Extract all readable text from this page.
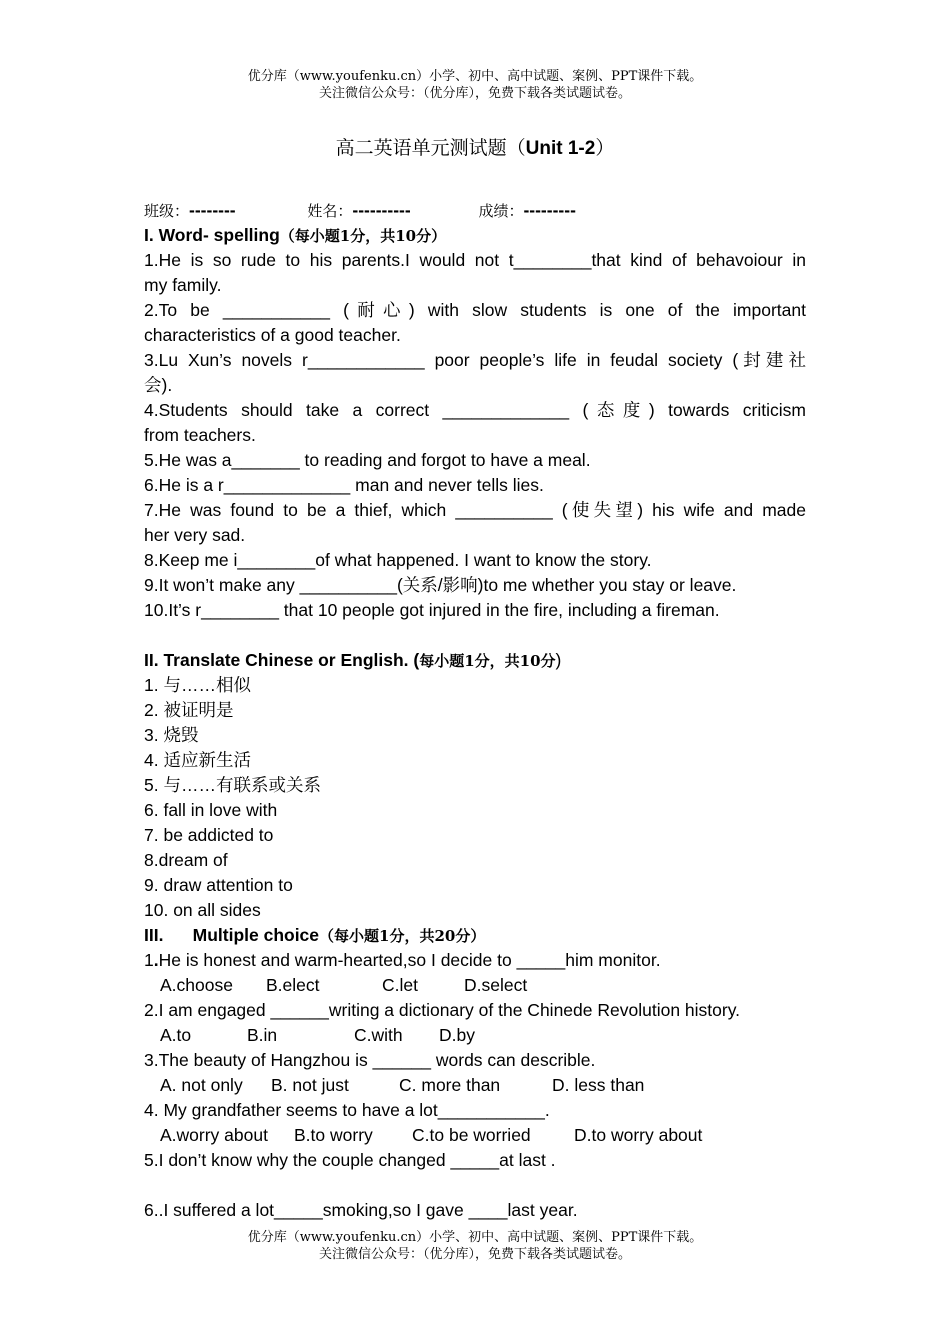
优分库（www.youfenku.cn）小学、初中、高中试题、案例、PPT课件下载。
关注微信公众号：（优分库），免费下载各类试题试卷。
高二英语单元测试题（Unit 1-2）
班级：--------	姓名：----------	成绩：---------
I. Word- spelling（每小题1分，共10分）
1.He is so rude to his parents.I would not t________that kind of behavoiour in
my family.
2.To be ___________ (耐心) with slow students is one of the important
characteristics of a good teacher.
3.Lu Xun’s novels r____________ poor people’s life in feudal society (封建社
会).
4.Students should take a correct _____________ (态度) towards criticism
from teachers.
5.He was a_______ to reading and forgot to have a meal.
6.He is a r_____________ man and never tells lies.
7.He was found to be a thief, which __________ (使失望) his wife and made
her very sad.
8.Keep me i________of what happened. I want to know the story.
9.It won’t make any __________(关系/影响)to me whether you stay or leave.
10.It’s r________ that 10 people got injured in the fire, including a fireman.
II. Translate Chinese or English. (每小题1分，共10分)
1. 与……相似
2. 被证明是
3. 烧毁
4. 适应新生活
5. 与……有联系或关系
6. fall in love with
7. be addicted to
8.dream of
9. draw attention to
10. on all sides
III.      Multiple choice（每小题1分，共20分）
1.He is honest and warm-hearted,so I decide to _____him monitor.
A.choose B.elect	C.let	D.select
2.I am engaged ______writing a dictionary of the Chinede Revolution history.
A.to	B.in	C.with D.by
3.The beauty of Hangzhou is ______ words can describle.
A. not only B. not just	C. more than	D. less than
4. My grandfather seems to have a lot___________.
A.worry about B.to worry C.to be worried D.to worry about
5.I don’t know why the couple changed _____at last .

6..I suffered a lot_____smoking,so I gave ____last year.
优分库（www.youfenku.cn）小学、初中、高中试题、案例、PPT课件下载。
关注微信公众号：（优分库），免费下载各类试题试卷。
